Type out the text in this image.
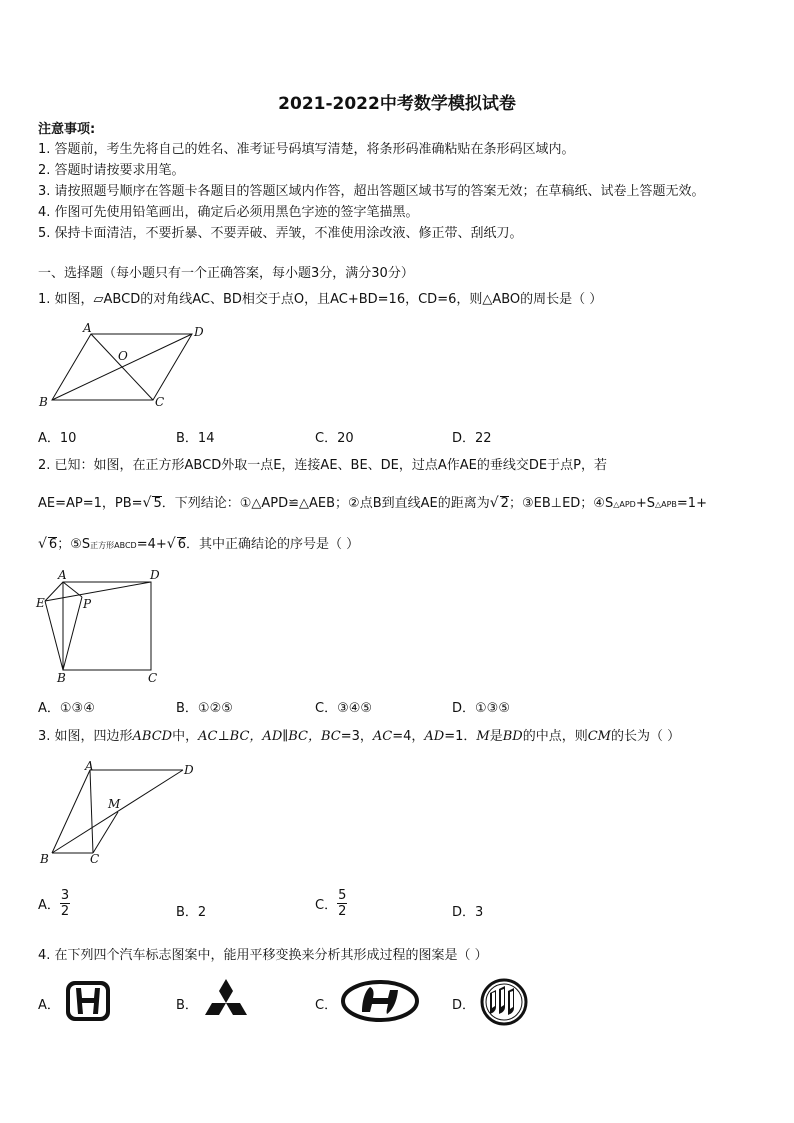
2021-2022中考数学模拟试卷
注意事项:
1. 答题前，考生先将自己的姓名、准考证号码填写清楚，将条形码准确粘贴在条形码区域内。
2. 答题时请按要求用笔。
3. 请按照题号顺序在答题卡各题目的答题区域内作答，超出答题区域书写的答案无效；在草稿纸、试卷上答题无效。
4. 作图可先使用铅笔画出，确定后必须用黑色字迹的签字笔描黑。
5. 保持卡面清洁，不要折暴、不要弄破、弄皱，不准使用涂改液、修正带、刮纸刀。
一、选择题（每小题只有一个正确答案，每小题3分，满分30分）
1. 如图，▱ABCD的对角线AC、BD相交于点O，且AC+BD=16，CD=6，则△ABO的周长是（ ）
A	D
O
B	C
A．10	B．14	C．20	D．22
2. 已知：如图，在正方形ABCD外取一点E，连接AE、BE、DE，过点A作AE的垂线交DE于点P，若
AE=AP=1，PB=√ 5．下列结论：①△APD≌△AEB；②点B到直线AE的距离为√ 2；③EB⊥ED；④S△APD+S△APB=1+
√ 6；⑤S正方形ABCD=4+√ 6．其中正确结论的序号是（ ）
A	D
E	P
B	C
A．①③④	B．①②⑤	C．③④⑤	D．①③⑤
3. 如图，四边形ABCD中，AC⊥BC，AD∥BC，BC=3，AC=4，AD=1．M是BD的中点，则CM的长为（ ）
A	D
M
B	C
A． $\frac{3}{2}$	B．2	C． $\frac{5}{2}$	D．3
4. 在下列四个汽车标志图案中，能用平移变换来分析其形成过程的图案是（ ）
A．	B．	C．	D．
